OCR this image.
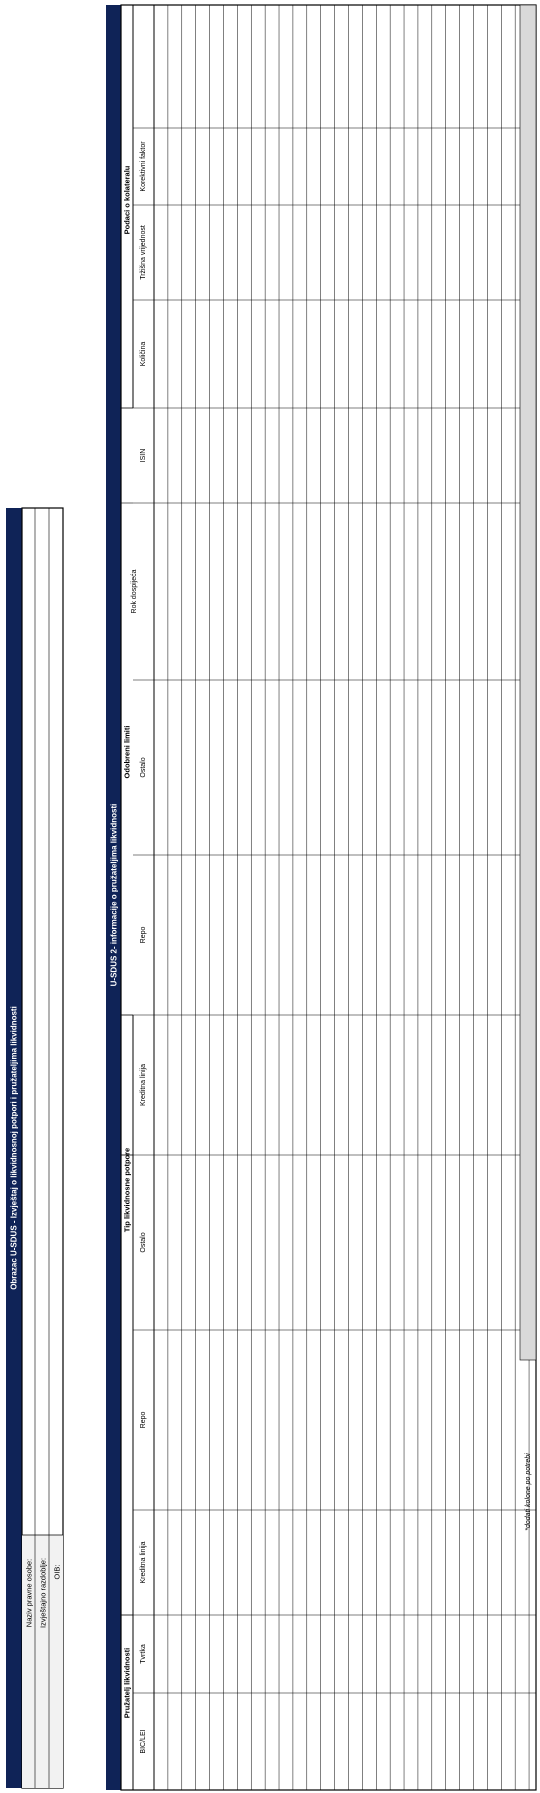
Obrazac U-SDUS - Izvještaj o likvidnosnoj potpori i pružateljima likvidnosti
Naziv pravne osobe: Izvještajno razdoblje: OIB:
U-SDUS 2- informacije o pružateljima likvidnosti
Pružatelj likvidnosti
Tip likvidnosne potpore
Odobreni limiti
Podaci o kolateralu
BIC/LEI
Tvrtka
Kreditna linija
Repo
Ostalo
Kreditna linija
Repo
Ostalo
Rok dospijeća
ISIN
Količina
Tržišna vrijednost
Korektivni faktor
*dodati kolone po potrebi
